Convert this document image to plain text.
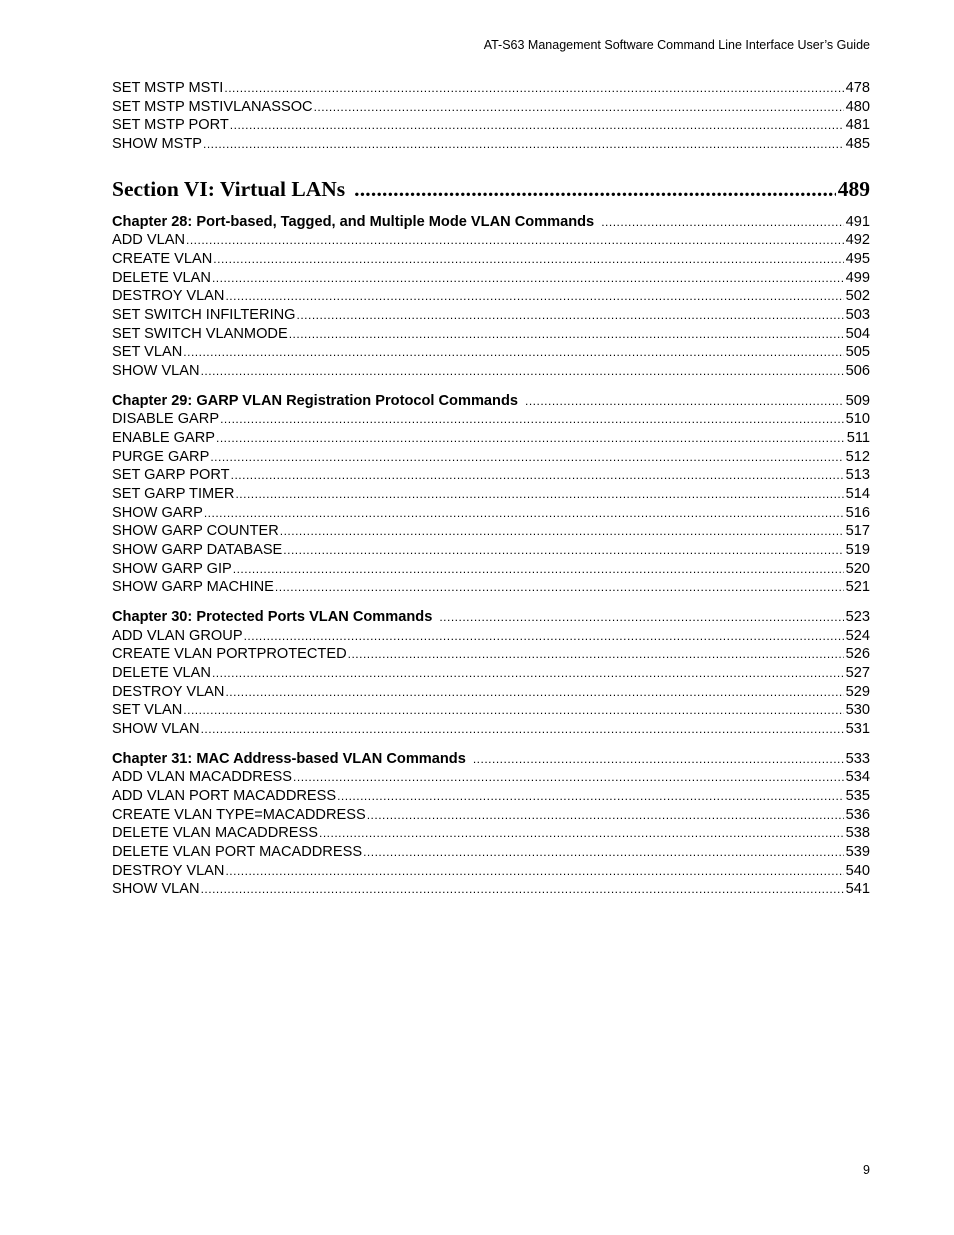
AT-S63 Management Software Command Line Interface User’s Guide
SET MSTP MSTI .....	478
SET MSTP MSTIVLANASSOC .....	480
SET MSTP PORT .....	481
SHOW MSTP .....	485
Section VI: Virtual LANs .....	489
Chapter 28: Port-based, Tagged, and Multiple Mode VLAN Commands .....	491
ADD VLAN .....	492
CREATE VLAN .....	495
DELETE VLAN .....	499
DESTROY VLAN .....	502
SET SWITCH INFILTERING .....	503
SET SWITCH VLANMODE .....	504
SET VLAN .....	505
SHOW VLAN .....	506
Chapter 29: GARP VLAN Registration Protocol Commands .....	509
DISABLE GARP .....	510
ENABLE GARP .....	511
PURGE GARP .....	512
SET GARP PORT .....	513
SET GARP TIMER .....	514
SHOW GARP .....	516
SHOW GARP COUNTER .....	517
SHOW GARP DATABASE .....	519
SHOW GARP GIP .....	520
SHOW GARP MACHINE .....	521
Chapter 30: Protected Ports VLAN Commands .....	523
ADD VLAN GROUP .....	524
CREATE VLAN PORTPROTECTED .....	526
DELETE VLAN .....	527
DESTROY VLAN .....	529
SET VLAN .....	530
SHOW VLAN .....	531
Chapter 31: MAC Address-based VLAN Commands .....	533
ADD VLAN MACADDRESS .....	534
ADD VLAN PORT MACADDRESS .....	535
CREATE VLAN TYPE=MACADDRESS .....	536
DELETE VLAN MACADDRESS .....	538
DELETE VLAN PORT MACADDRESS .....	539
DESTROY VLAN .....	540
SHOW VLAN .....	541
9
